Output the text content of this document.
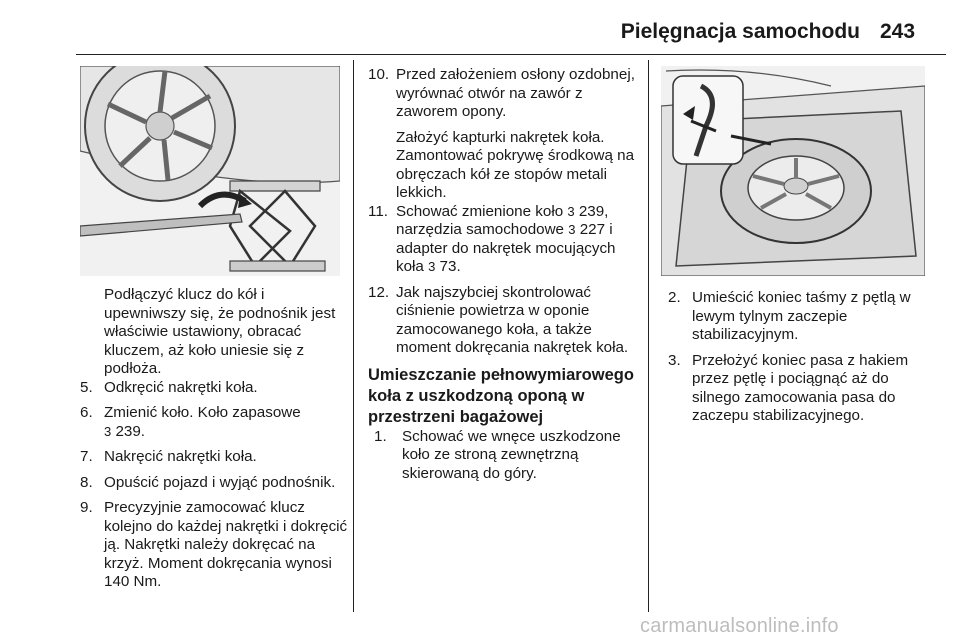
Pielęgnacja samochodu 243

Podłączyć klucz do kół i upewniwszy się, że podnośnik jest właściwie ustawiony, obracać kluczem, aż koło uniesie się z podłoża.

5. Odkręcić nakrętki koła.
6. Zmienić koło. Koło zapasowe
3 239.
7. Nakręcić nakrętki koła.
8. Opuścić pojazd i wyjąć podnośnik.
9. Precyzyjnie zamocować klucz kolejno do każdej nakrętki i dokręcić ją. Nakrętki należy dokręcać na krzyż. Moment dokręcania wynosi 140 Nm.
10. Przed założeniem osłony ozdobnej, wyrównać otwór na zawór z zaworem opony.

Założyć kapturki nakrętek koła.

Zamontować pokrywę środkową na obręczach kół ze stopów metali lekkich.

11. Schować zmienione koło 3 239, narzędzia samochodowe 3 227 i adapter do nakrętek mocujących koła 3 73.
12. Jak najszybciej skontrolować ciśnienie powietrza w oponie zamocowanego koła, a także moment dokręcania nakrętek koła.

Umieszczanie pełnowymiarowego koła z uszkodzoną oponą w przestrzeni bagażowej

1. Schować we wnęce uszkodzone koło ze stroną zewnętrzną skierowaną do góry.
2. Umieścić koniec taśmy z pętlą w lewym tylnym zaczepie stabilizacyjnym.
3. Przełożyć koniec pasa z hakiem przez pętlę i pociągnąć aż do silnego zamocowania pasa do zaczepu stabilizacyjnego.
carmanualsonline.info
